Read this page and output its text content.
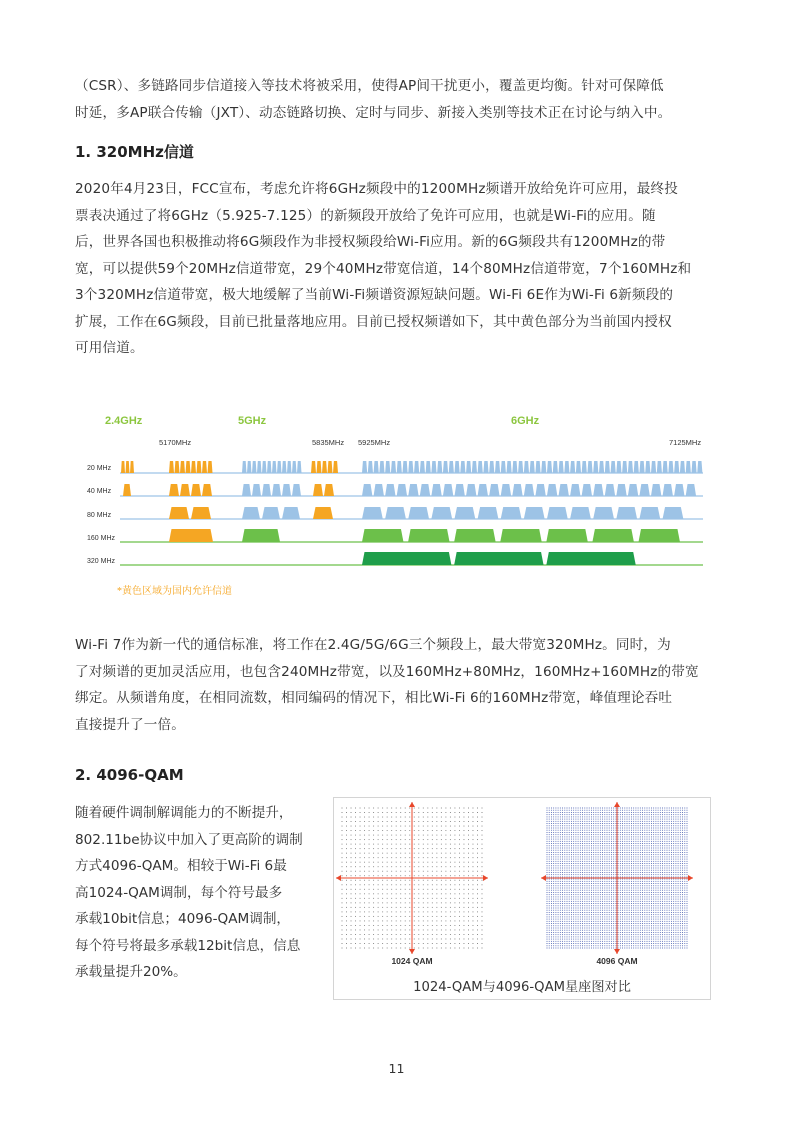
（CSR）、多链路同步信道接入等技术将被采用，使得AP间干扰更小，覆盖更均衡。针对可保障低
时延，多AP联合传输（JXT）、动态链路切换、定时与同步、新接入类别等技术正在讨论与纳入中。
1. 320MHz信道
2020年4月23日，FCC宣布，考虑允许将6GHz频段中的1200MHz频谱开放给免许可应用，最终投
票表决通过了将6GHz（5.925-7.125）的新频段开放给了免许可应用，也就是Wi-Fi的应用。随
后，世界各国也积极推动将6G频段作为非授权频段给Wi-Fi应用。新的6G频段共有1200MHz的带
宽，可以提供59个20MHz信道带宽，29个40MHz带宽信道，14个80MHz信道带宽，7个160MHz和
3个320MHz信道带宽，极大地缓解了当前Wi-Fi频谱资源短缺问题。Wi-Fi 6E作为Wi-Fi 6新频段的
扩展，工作在6G频段，目前已批量落地应用。目前已授权频谱如下，其中黄色部分为当前国内授权
可用信道。
2.4GHz	5GHz	6GHz
5170MHz	5835MHz 5925MHz	7125MHz
20 MHz
40 MHz
80 MHz
160 MHz
320 MHz
*黄色区域为国内允许信道
Wi-Fi 7作为新一代的通信标准，将工作在2.4G/5G/6G三个频段上，最大带宽320MHz。同时，为
了对频谱的更加灵活应用，也包含240MHz带宽，以及160MHz+80MHz，160MHz+160MHz的带宽
绑定。从频谱角度，在相同流数，相同编码的情况下，相比Wi-Fi 6的160MHz带宽，峰值理论吞吐
直接提升了一倍。
2. 4096-QAM
随着硬件调制解调能力的不断提升，
802.11be协议中加入了更高阶的调制
方式4096-QAM。相较于Wi-Fi 6最
高1024-QAM调制，每个符号最多
承载10bit信息；4096-QAM调制，
每个符号将最多承载12bit信息，信息
承载量提升20%。
1024 QAM	4096 QAM
1024-QAM与4096-QAM星座图对比
11
